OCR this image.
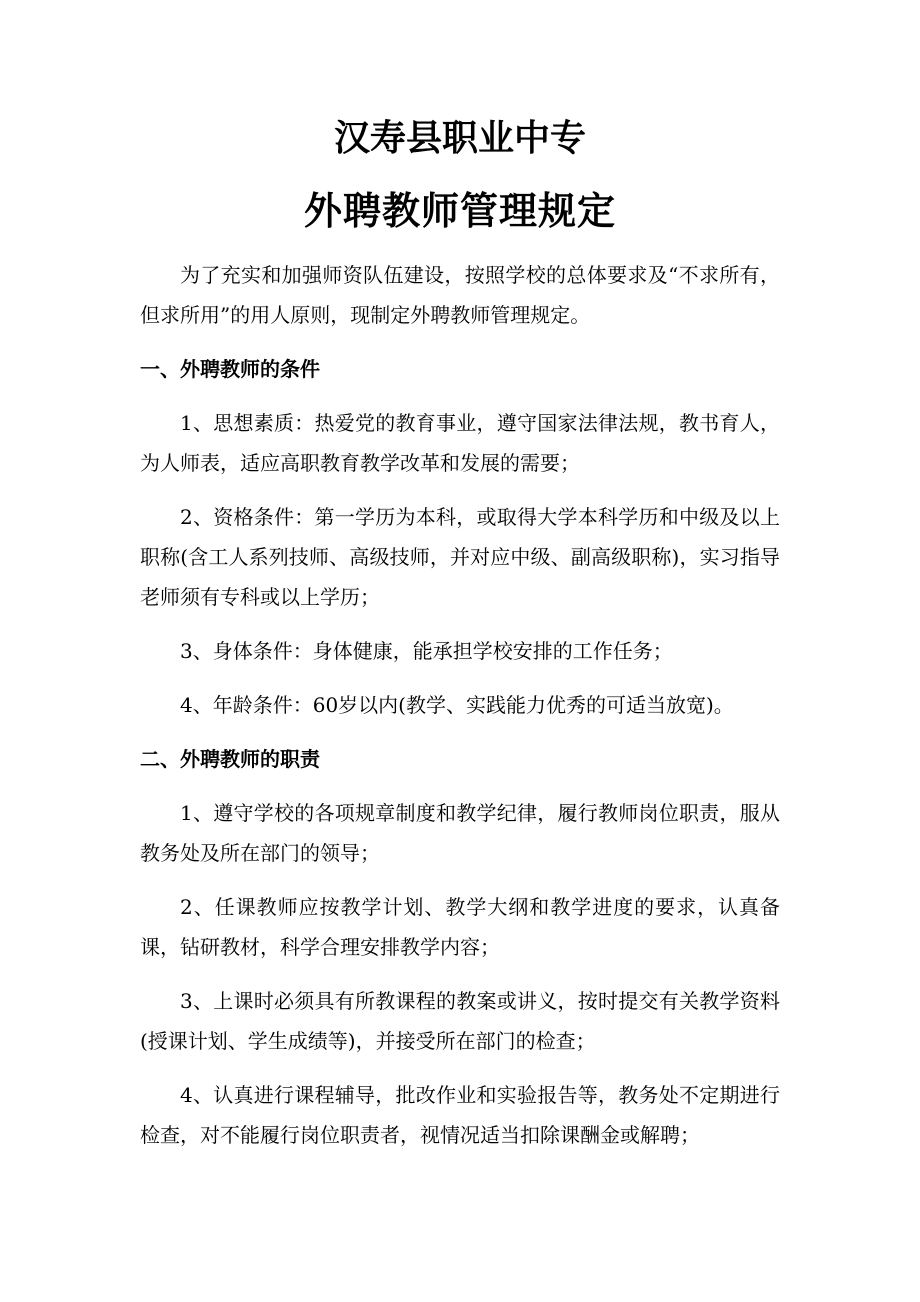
汉寿县职业中专
外聘教师管理规定

为了充实和加强师资队伍建设，按照学校的总体要求及“不求所有，但求所用”的用人原则，现制定外聘教师管理规定。

一、外聘教师的条件

1、思想素质：热爱党的教育事业，遵守国家法律法规，教书育人，为人师表，适应高职教育教学改革和发展的需要；

2、资格条件：第一学历为本科，或取得大学本科学历和中级及以上职称(含工人系列技师、高级技师，并对应中级、副高级职称)，实习指导老师须有专科或以上学历；

3、身体条件：身体健康，能承担学校安排的工作任务；

4、年龄条件：60岁以内(教学、实践能力优秀的可适当放宽)。

二、外聘教师的职责

1、遵守学校的各项规章制度和教学纪律，履行教师岗位职责，服从教务处及所在部门的领导；

2、任课教师应按教学计划、教学大纲和教学进度的要求，认真备课，钻研教材，科学合理安排教学内容；

3、上课时必须具有所教课程的教案或讲义，按时提交有关教学资料(授课计划、学生成绩等)，并接受所在部门的检查；

4、认真进行课程辅导，批改作业和实验报告等，教务处不定期进行检查，对不能履行岗位职责者，视情况适当扣除课酬金或解聘；
